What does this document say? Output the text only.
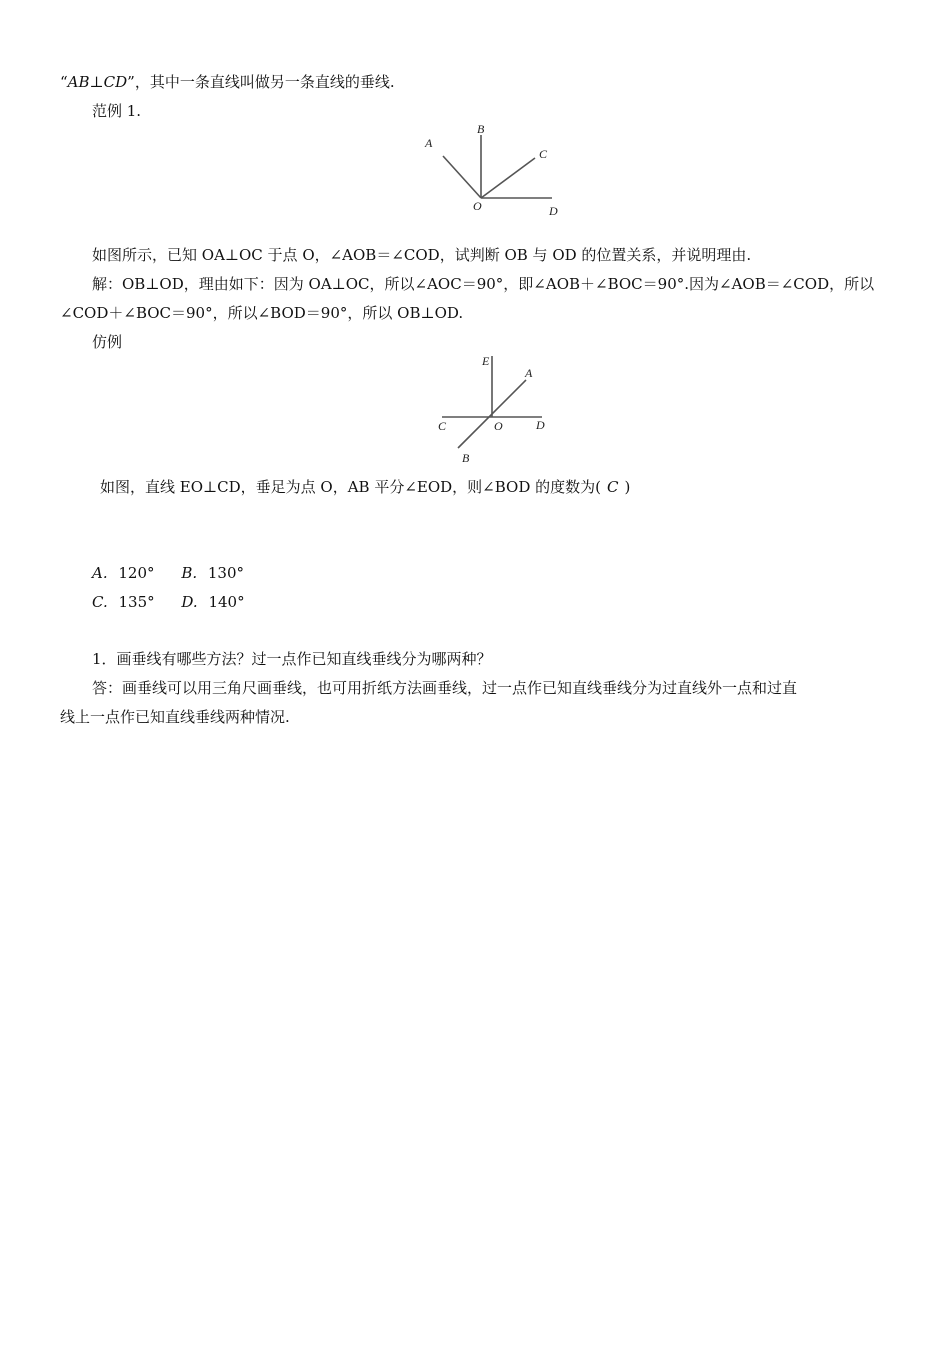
“AB⊥CD”，其中一条直线叫做另一条直线的垂线.
范例 1.
A
B
C
O	D
如图所示，已知 OA⊥OC 于点 O，∠AOB＝∠COD，试判断 OB 与 OD 的位置关系，并说明理由.
解：OB⊥OD，理由如下：因为 OA⊥OC，所以∠AOC＝90°，即∠AOB＋∠BOC＝90°.因为∠AOB＝∠COD，所以
∠COD＋∠BOC＝90°，所以∠BOD＝90°，所以 OB⊥OD.
仿例
E
A
C	O	D
B
如图，直线 EO⊥CD，垂足为点 O，AB 平分∠EOD，则∠BOD 的度数为( C )
A. 120° B. 130°
C. 135° D. 140°
1．画垂线有哪些方法？过一点作已知直线垂线分为哪两种？
答：画垂线可以用三角尺画垂线，也可用折纸方法画垂线，过一点作已知直线垂线分为过直线外一点和过直
线上一点作已知直线垂线两种情况.
